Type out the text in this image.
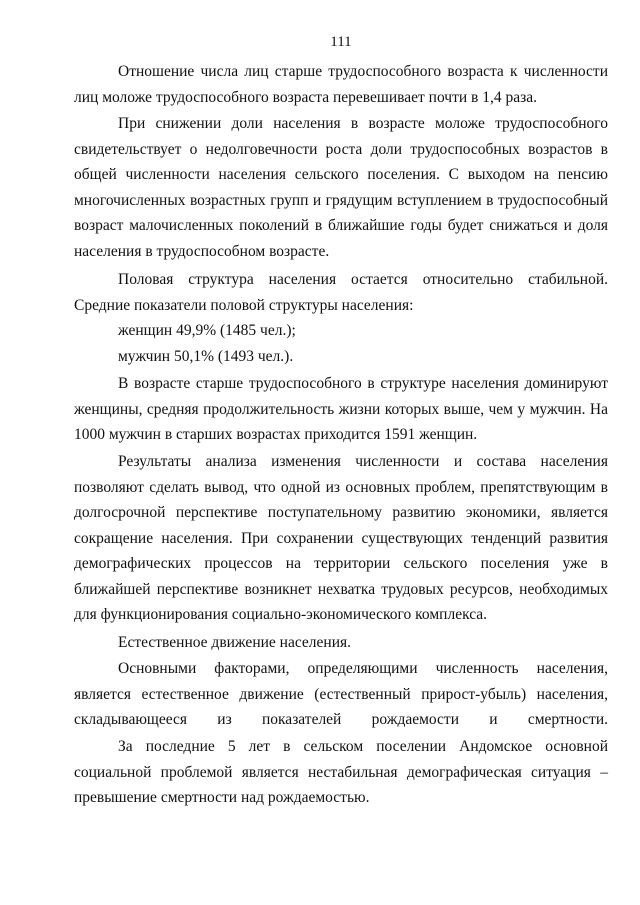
111

Отношение числа лиц старше трудоспособного возраста к численности лиц моложе трудоспособного возраста перевешивает почти в 1,4 раза.

При снижении доли населения в возрасте моложе трудоспособного свидетельствует о недолговечности роста доли трудоспособных возрастов в общей численности населения сельского поселения. С выходом на пенсию многочисленных возрастных групп и грядущим вступлением в трудоспособный возраст малочисленных поколений в ближайшие годы будет снижаться и доля населения в трудоспособном возрасте.

Половая структура населения остается относительно стабильной. Средние показатели половой структуры населения:

женщин 49,9% (1485 чел.);

мужчин 50,1% (1493 чел.).

В возрасте старше трудоспособного в структуре населения доминируют женщины, средняя продолжительность жизни которых выше, чем у мужчин. На 1000 мужчин в старших возрастах приходится 1591 женщин.

Результаты анализа изменения численности и состава населения позволяют сделать вывод, что одной из основных проблем, препятствующим в долгосрочной перспективе поступательному развитию экономики, является сокращение населения. При сохранении существующих тенденций развития демографических процессов на территории сельского поселения уже в ближайшей перспективе возникнет нехватка трудовых ресурсов, необходимых для функционирования социально-экономического комплекса.

Естественное движение населения.

Основными факторами, определяющими численность населения, является естественное движение (естественный прирост-убыль) населения, складывающееся из показателей рождаемости и смертности.

За последние 5 лет в сельском поселении Андомское основной социальной проблемой является нестабильная демографическая ситуация – превышение смертности над рождаемостью.
